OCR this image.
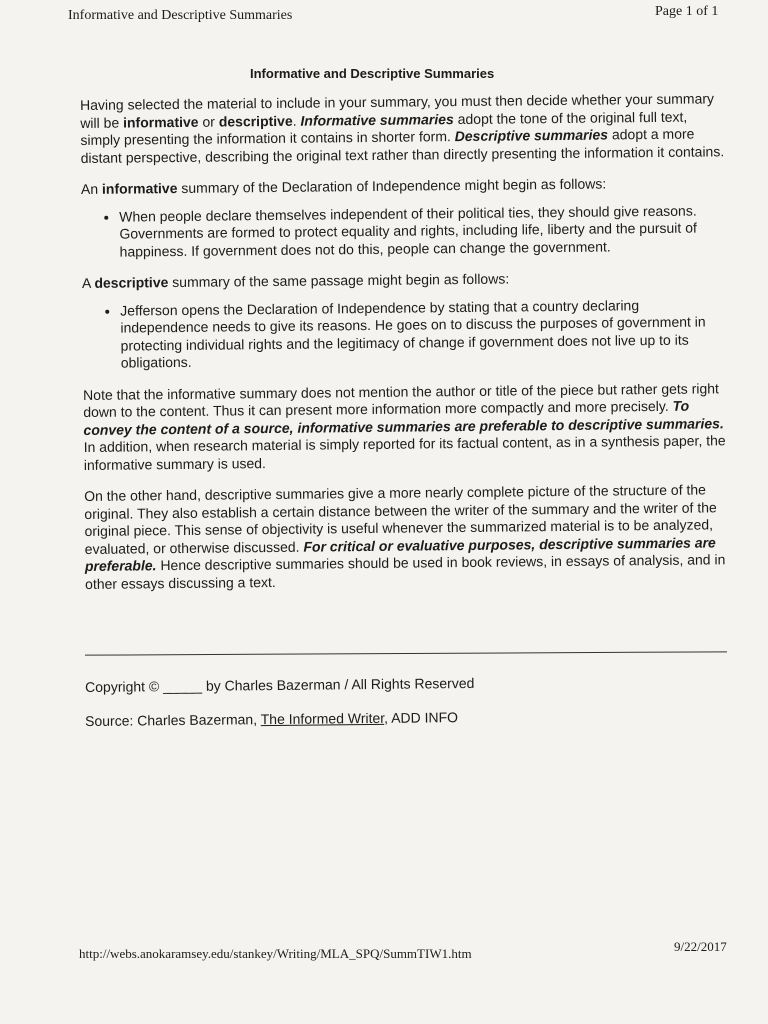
Informative and Descriptive Summaries	Page 1 of 1
Informative and Descriptive Summaries

Having selected the material to include in your summary, you must then decide whether your summary will be informative or descriptive. Informative summaries adopt the tone of the original full text, simply presenting the information it contains in shorter form. Descriptive summaries adopt a more distant perspective, describing the original text rather than directly presenting the information it contains.

An informative summary of the Declaration of Independence might begin as follows:

• When people declare themselves independent of their political ties, they should give reasons. Governments are formed to protect equality and rights, including life, liberty and the pursuit of happiness. If government does not do this, people can change the government.

A descriptive summary of the same passage might begin as follows:

• Jefferson opens the Declaration of Independence by stating that a country declaring independence needs to give its reasons. He goes on to discuss the purposes of government in protecting individual rights and the legitimacy of change if government does not live up to its obligations.

Note that the informative summary does not mention the author or title of the piece but rather gets right down to the content. Thus it can present more information more compactly and more precisely. To convey the content of a source, informative summaries are preferable to descriptive summaries. In addition, when research material is simply reported for its factual content, as in a synthesis paper, the informative summary is used.

On the other hand, descriptive summaries give a more nearly complete picture of the structure of the original. They also establish a certain distance between the writer of the summary and the writer of the original piece. This sense of objectivity is useful whenever the summarized material is to be analyzed, evaluated, or otherwise discussed. For critical or evaluative purposes, descriptive summaries are preferable. Hence descriptive summaries should be used in book reviews, in essays of analysis, and in other essays discussing a text.

Copyright © _____ by Charles Bazerman / All Rights Reserved
Source: Charles Bazerman, The Informed Writer, ADD INFO
http://webs.anokaramsey.edu/stankey/Writing/MLA_SPQ/SummTIW1.htm	9/22/2017
